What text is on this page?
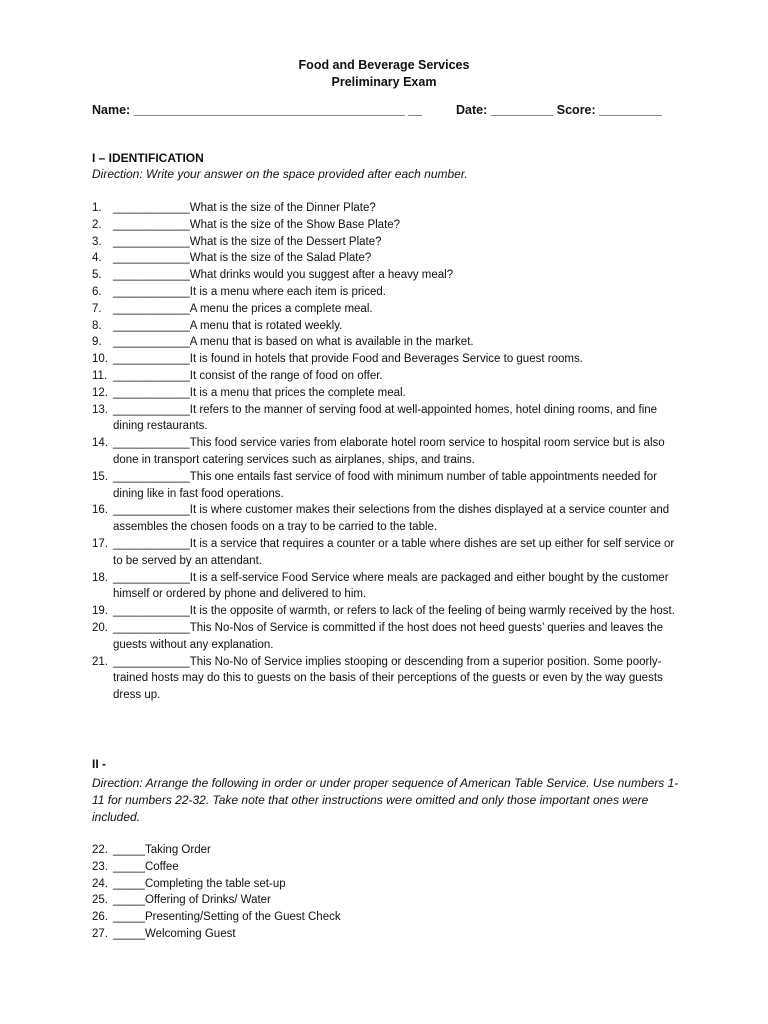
Food and Beverage Services
Preliminary Exam
Name: _______________________________________ __	Date: _________ Score: _________
I – IDENTIFICATION
Direction: Write your answer on the space provided after each number.
1. ____________What is the size of the Dinner Plate?
2. ____________What is the size of the Show Base Plate?
3. ____________What is the size of the Dessert Plate?
4. ____________What is the size of the Salad Plate?
5. ____________What drinks would you suggest after a heavy meal?
6. ____________It is a menu where each item is priced.
7. ____________A menu the prices a complete meal.
8. ____________A menu that is rotated weekly.
9. ____________A menu that is based on what is available in the market.
10. ____________It is found in hotels that provide Food and Beverages Service to guest rooms.
11. ____________It consist of the range of food on offer.
12. ____________It is a menu that prices the complete meal.
13. ____________It refers to the manner of serving food at well-appointed homes, hotel dining rooms, and fine dining restaurants.
14. ____________This food service varies from elaborate hotel room service to hospital room service but is also done in transport catering services such as airplanes, ships, and trains.
15. ____________This one entails fast service of food with minimum number of table appointments needed for dining like in fast food operations.
16. ____________It is where customer makes their selections from the dishes displayed at a service counter and assembles the chosen foods on a tray to be carried to the table.
17. ____________It is a service that requires a counter or a table where dishes are set up either for self service or to be served by an attendant.
18. ____________It is a self-service Food Service where meals are packaged and either bought by the customer himself or ordered by phone and delivered to him.
19. ____________It is the opposite of warmth, or refers to lack of the feeling of being warmly received by the host.
20. ____________This No-Nos of Service is committed if the host does not heed guests’ queries and leaves the guests without any explanation.
21. ____________This No-No of Service implies stooping or descending from a superior position. Some poorly-trained hosts may do this to guests on the basis of their perceptions of the guests or even by the way guests dress up.
II -
Direction: Arrange the following in order or under proper sequence of American Table Service. Use numbers 1-11 for numbers 22-32. Take note that other instructions were omitted and only those important ones were included.
22. _____Taking Order
23. _____Coffee
24. _____Completing the table set-up
25. _____Offering of Drinks/ Water
26. _____Presenting/Setting of the Guest Check
27. _____Welcoming Guest
